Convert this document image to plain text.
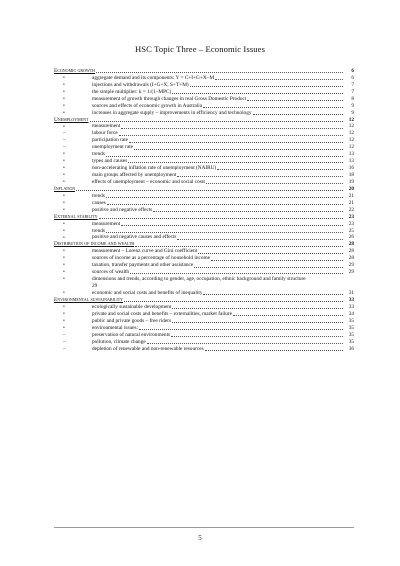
HSC Topic Three – Economic Issues
Economic growth	6
•	aggregate demand and its components: Y = C+I+G+X–M	6
•	injections and withdrawals (I+G+X; S+T+M)	7
•	the simple multiplier: k = 1/(1–MPC)	7
•	measurement of growth through changes in real Gross Domestic Product	8
•	sources and effects of economic growth in Australia	9
•	increases in aggregate supply – improvements in efficiency and technology	9
Unemployment	12
•	measurement	12
–	labour force	12
–	participation rate	12
–	unemployment rate	12
•	trends	13
•	types and causes	13
•	non-accelerating inflation rate of unemployment (NAIRU)	16
•	main groups affected by unemployment	18
•	effects of unemployment – economic and social costs	19
Inflation	20
•	trends	21
•	causes	21
•	positive and negative effects	22
External stability	23
•	measurement	23
•	trends	25
•	positive and negative causes and effects	26
Distribution of income and wealth	28
•	measurement – Lorenz curve and Gini coefficient	28
•	sources of income as a percentage of household income	28
•	taxation, transfer payments and other assistance	29
•	sources of wealth	29
•	dimensions and trends, according to gender, age, occupation, ethnic background and family structure
29
•	economic and social costs and benefits of inequality	31
Environmental sustainability	33
•	ecologically sustainable development	33
•	private and social costs and benefits – externalities, market failure	34
•	public and private goods – free riders	35
•	environmental issues:	35
–	preservation of natural environments	35
–	pollution, climate change	35
–	depletion of renewable and non-renewable resources	36
5
